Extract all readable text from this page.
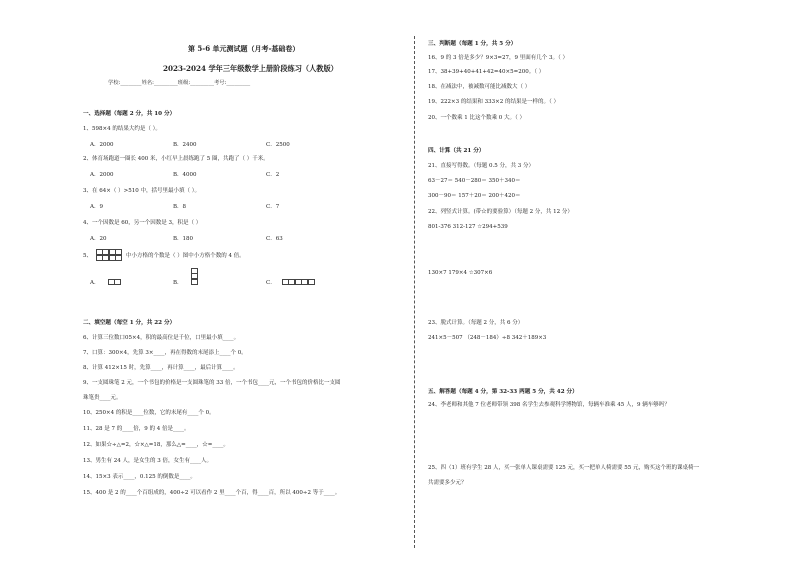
第 5-6 单元测试题（月考-基础卷）
2023-2024 学年三年级数学上册阶段练习（人教版）
学校:________姓名:_________班级:_________考号:_________
一、选择题（每题 2 分，共 10 分）
1、598×4 的结果大约是（ ）。
A．2000	B．2400	C．2500
2、体育场跑道一圈长 400 米，小红早上晨练跑了 5 圈，共跑了（ ）千米。
A．2000	B．4000	C．2
3、在 64×（ ）>510 中，括号里最小填（ ）。
A．9	B．8	C．7
4、一个因数是 60，另一个因数是 3，积是（ ）
A．20	B．180	C．63
5、	中小方格的个数是（ ）图中小方格个数的 4 倍。
A．	B．	C．
二、填空题（每空 1 分，共 22 分）
6、计算三位数口05×4，积的最高位是千位，口里最小填____。
7、口算：300×4，先算 3×____，再在得数的末尾添上____个 0。
8、计算 412×15 时，先算____，再计算____，最后计算____。
9、一支圆珠笔 2 元，一个书包的价格是一支圆珠笔的 33 倍，一个书包____元，一个书包的价格比一支圆
珠笔贵____元。
10、250×4 的积是____位数，它的末尾有____个 0。
11、28 是 7 的____倍，9 的 4 倍是____。
12、如果☆÷△=2，☆×△=18，那么△=____，☆=____。
13、男生有 24 人，是女生的 3 倍，女生有____人。
14、15×3 表示____，0.125 的倒数是____。
15、400 是 2 的____个百组成的，400÷2 可以看作 2 里____个百，得____百，所以 400÷2 等于____。
三、判断题（每题 1 分，共 5 分）
16、9 的 3 倍是多少？9×3=27，9 里面有几个 3。（ ）
17、38+39+40+41+42=40×5=200。（ ）
18、在减法中，被减数可能比减数大（ ）
19、222×3 的结果和 333×2 的结果是一样的。（ ）
20、一个数乘 1 比这个数乘 0 大。（ ）
四、计算（共 21 分）
21、直接写得数。（每题 0.5 分，共 3 分）
63－27＝ 540－280＝ 350＋340＝
300－90＝ 157＋20＝ 200＋420＝
22、列竖式计算。(带☆的要验算）（每题 2 分，共 12 分）
801-376 312-127 ☆294+539
130×7 179×4 ☆307×6
23、脱式计算。（每题 2 分，共 6 分）
241×5－507 （248－184）÷8 342＋189×3
五、解答题（每题 4 分，第 32-33 两题 5 分，共 42 分）
24、李老师和其他 7 位老师带领 398 名学生去参观科学博物馆，每辆车准乘 45 人，9 辆车够吗？
25、四（1）班有学生 28 人，买一张单人课桌需要 125 元，买一把单人椅需要 55 元，购买这个班的课桌椅一
共需要多少元？
